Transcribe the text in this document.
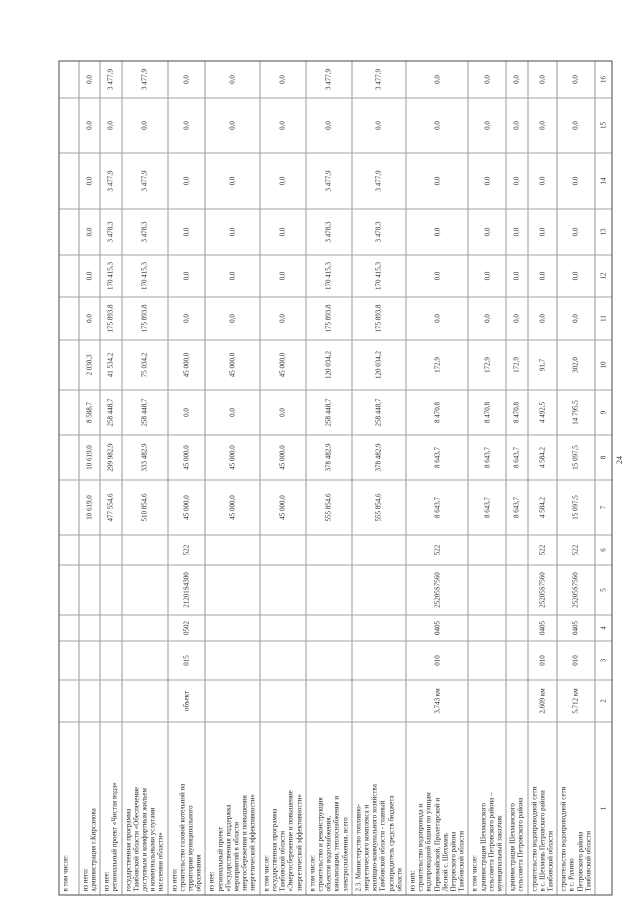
24
1
2
3
4
5
6
7
8
9
10
11
12
13
14
15
16
строительство водопроводной сети в с. Рахино Петровского района Тамбовской области
5,712 км
010
0405
25205S7560
522
15 097,5
15 097,5
14 795,5
302,0
0,0
0,0
0,0
0,0
0,0
0,0
строительство водопроводной сети в с. Шехмань Петровского района Тамбовской области
2,609 км
010
0405
25205S7560
522
4 584,2
4 584,2
4 492,5
91,7
0,0
0,0
0,0
0,0
0,0
0,0
администрация Шехманского сельсовета Петровского района
8 643,7
8 643,7
8 470,8
172,9
0,0
0,0
0,0
0,0
0,0
0,0
в том числе: администрация Шехманского сельсовета Петровского района – муниципальный заказчик
8 643,7
8 643,7
8 470,8
172,9
0,0
0,0
0,0
0,0
0,0
0,0
из них: строительство водопровода и водопроводной башни по улицам Первомайской, Пролетарской и Лесной с. Шехмань Петровского района Тамбовской области
3,743 км
010
0405
25205S7560
522
8 643,7
8 643,7
8 470,8
172,9
0,0
0,0
0,0
0,0
0,0
0,0
2.3. Министерство топливно- энергетического комплекса и жилищно-коммунального хозяйства Тамбовской области - главный распорядитель средств бюджета области
555 854,6
378 482,9
258 448,7
120 034,2
175 893,8
170 415,3
3 478,3
3 477,9
0,0
3 477,9
в том числе: строительство и реконструкция объектов водоснабжения, канализации, теплоснабжения и электроснабжения, всего
555 854,6
378 482,9
258 448,7
120 034,2
175 893,8
170 415,3
3 478,3
3 477,9
0,0
3 477,9
в том числе: государственная программа Тамбовской области «Энергосбережение и повышение энергетической эффективности»
45 000,0
45 000,0
0,0
45 000,0
0,0
0,0
0,0
0,0
0,0
0,0
из нее: региональный проект «Государственная поддержка мероприятий в области энергосбережения и повышения энергетической эффективности»
45 000,0
45 000,0
0,0
45 000,0
0,0
0,0
0,0
0,0
0,0
0,0
из него: строительство газовой котельной на территории муниципального образования
объект
015
0502
21201S4300
522
45 000,0
45 000,0
0,0
45 000,0
0,0
0,0
0,0
0,0
0,0
0,0
государственная программа Тамбовской области «Обеспечение доступным и комфортным жильем и коммунальными услугами населения области»
510 854,6
333 482,9
258 448,7
75 034,2
175 893,8
170 415,3
3 478,3
3 477,9
0,0
3 477,9
из нее: региональный проект «Чистая вода»
477 554,6
299 982,9
258 448,7
41 534,2
175 893,8
170 415,3
3 478,3
3 477,9
0,0
3 477,9
из него: администрация г.Кирсанова
10 619,0
10 619,0
8 588,7
2 030,3
0,0
0,0
0,0
0,0
0,0
0,0
в том числе:
